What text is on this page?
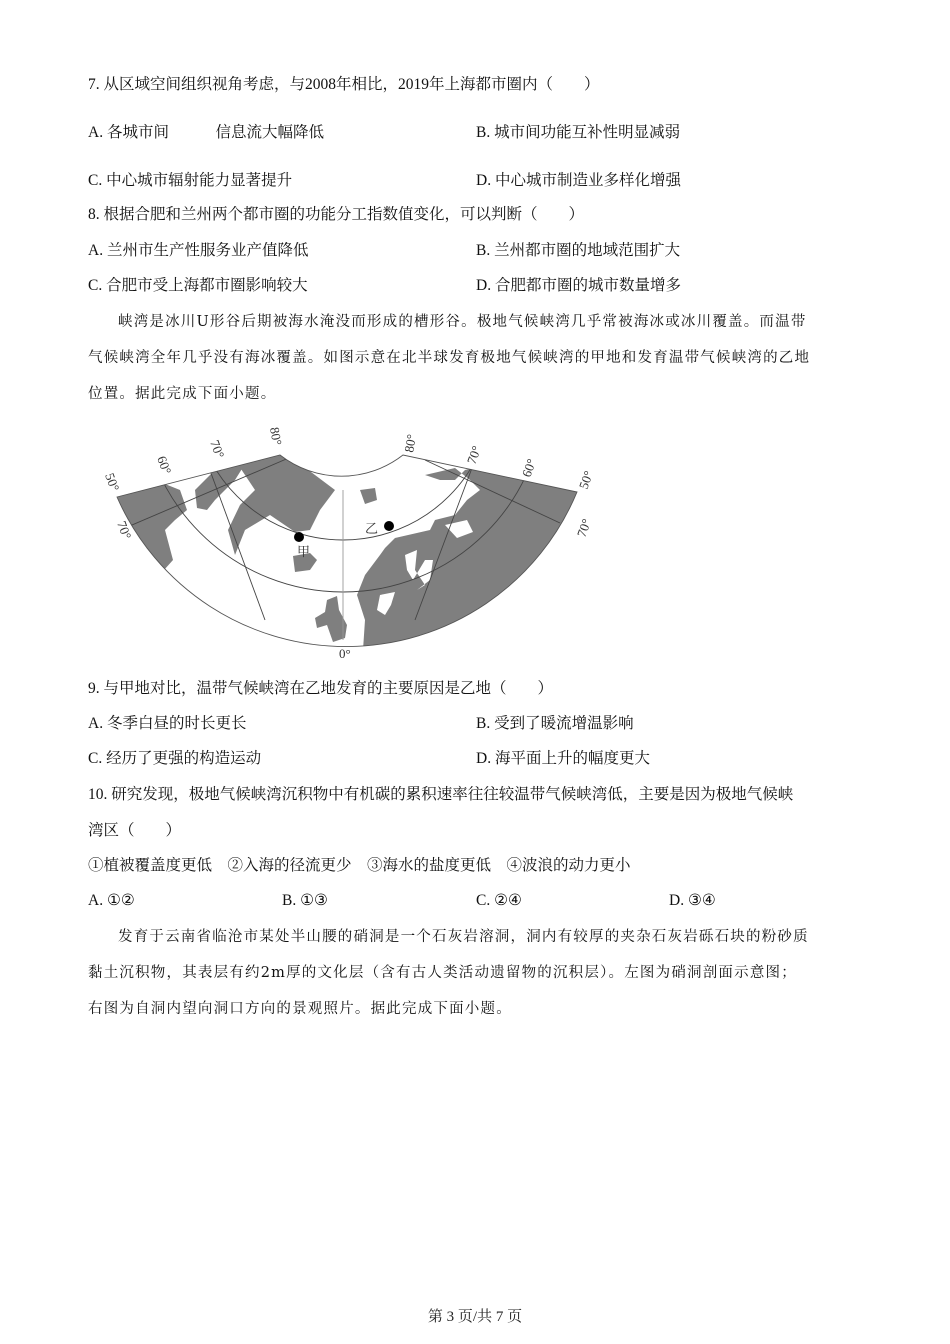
7. 从区域空间组织视角考虑，与2008年相比，2019年上海都市圈内（　　）
A. 各城市间　　　信息流大幅降低	B. 城市间功能互补性明显减弱
C. 中心城市辐射能力显著提升	D. 中心城市制造业多样化增强
8. 根据合肥和兰州两个都市圈的功能分工指数值变化，可以判断（　　）
A. 兰州市生产性服务业产值降低	B. 兰州都市圈的地域范围扩大
C. 合肥市受上海都市圈影响较大	D. 合肥都市圈的城市数量增多
峡湾是冰川U形谷后期被海水淹没而形成的槽形谷。极地气候峡湾几乎常被海冰或冰川覆盖。而温带
气候峡湾全年几乎没有海冰覆盖。如图示意在北半球发育极地气候峡湾的甲地和发育温带气候峡湾的乙地
位置。据此完成下面小题。
甲
乙
50°
60°
70°
80°
70°
80°
70°
60°
50°
70°
0°
9. 与甲地对比，温带气候峡湾在乙地发育的主要原因是乙地（　　）
A. 冬季白昼的时长更长	B. 受到了暖流增温影响
C. 经历了更强的构造运动	D. 海平面上升的幅度更大
10. 研究发现，极地气候峡湾沉积物中有机碳的累积速率往往较温带气候峡湾低，主要是因为极地气候峡
湾区（　　）
①植被覆盖度更低　②入海的径流更少　③海水的盐度更低　④波浪的动力更小
A. ①②	B. ①③	C. ②④	D. ③④
发育于云南省临沧市某处半山腰的硝洞是一个石灰岩溶洞，洞内有较厚的夹杂石灰岩砾石块的粉砂质
黏土沉积物，其表层有约2m厚的文化层（含有古人类活动遗留物的沉积层）。左图为硝洞剖面示意图；
右图为自洞内望向洞口方向的景观照片。据此完成下面小题。
第 3 页/共 7 页
